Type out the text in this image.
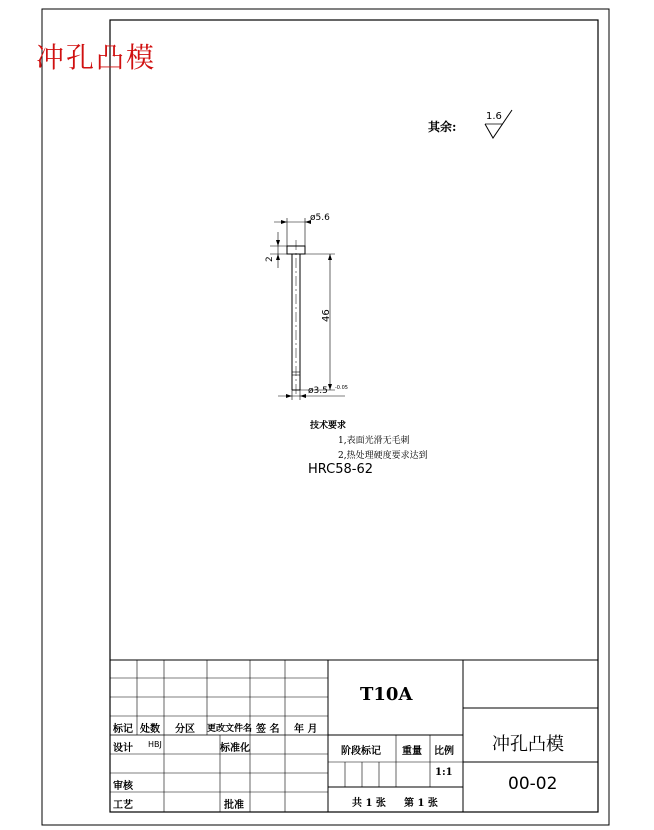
冲孔凸模
其余:
1.6
ø5.6
2
46
ø3.5 -0.05
技术要求
1,表面光滑无毛刺
2,热处理硬度要求达到
HRC58-62
T10A
冲孔凸模
00-02
标记 处数 分区 更改文件名 签 名 年 月
设计 HBJ	标准化
审核
工艺	批准
阶段标记 重量 比例
1:1
共 1 张 第 1 张
